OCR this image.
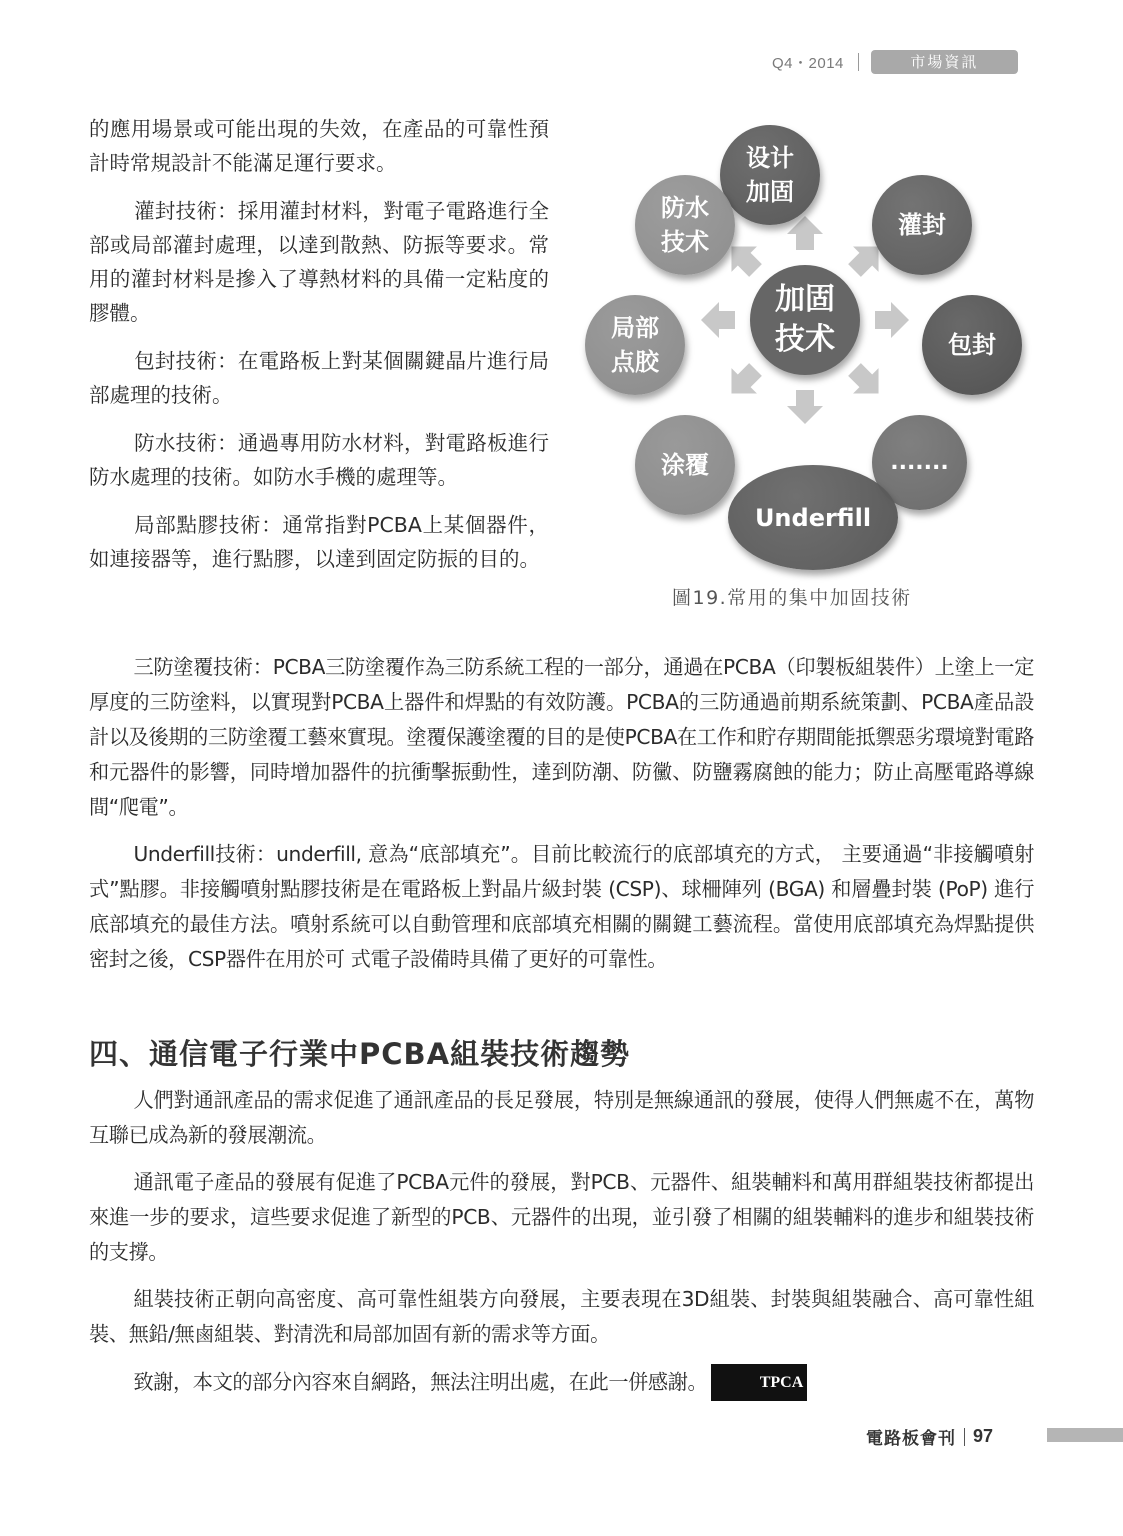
Q4・2014	市場資訊

的應用場景或可能出現的失效，在產品的可靠性預計時常規設計不能滿足運行要求。

灌封技術：採用灌封材料，對電子電路進行全部或局部灌封處理，以達到散熱、防振等要求。常用的灌封材料是摻入了導熱材料的具備一定粘度的膠體。

包封技術：在電路板上對某個關鍵晶片進行局部處理的技術。

防水技術：通過專用防水材料，對電路板進行防水處理的技術。如防水手機的處理等。

局部點膠技術：通常指對PCBA上某個器件，如連接器等，進行點膠，以達到固定防振的目的。

加固
技术
设计
加固
灌封
包封
.......
Underfill
涂覆
局部
点胶
防水
技术
圖19.常用的集中加固技術

三防塗覆技術：PCBA三防塗覆作為三防系統工程的一部分，通過在PCBA（印製板組裝件）上塗上一定厚度的三防塗料，以實現對PCBA上器件和焊點的有效防護。PCBA的三防通過前期系統策劃、PCBA產品設計以及後期的三防塗覆工藝來實現。塗覆保護塗覆的目的是使PCBA在工作和貯存期間能抵禦惡劣環境對電路和元器件的影響，同時增加器件的抗衝擊振動性，達到防潮、防黴、防鹽霧腐蝕的能力；防止高壓電路導線間“爬電”。

Underfill技術：underfill, 意為“底部填充”。目前比較流行的底部填充的方式， 主要通過“非接觸噴射式”點膠。非接觸噴射點膠技術是在電路板上對晶片級封裝 (CSP)、球柵陣列 (BGA) 和層疊封裝 (PoP) 進行底部填充的最佳方法。噴射系統可以自動管理和底部填充相關的關鍵工藝流程。當使用底部填充為焊點提供密封之後，CSP器件在用於可 式電子設備時具備了更好的可靠性。

四、通信電子行業中PCBA組裝技術趨勢

人們對通訊產品的需求促進了通訊產品的長足發展，特別是無線通訊的發展，使得人們無處不在，萬物互聯已成為新的發展潮流。

通訊電子產品的發展有促進了PCBA元件的發展，對PCB、元器件、組裝輔料和萬用群組裝技術都提出來進一步的要求，這些要求促進了新型的PCB、元器件的出現，並引發了相關的組裝輔料的進步和組裝技術的支撐。

組裝技術正朝向高密度、高可靠性組裝方向發展，主要表現在3D組裝、封裝與組裝融合、高可靠性組裝、無鉛/無鹵組裝、對清洗和局部加固有新的需求等方面。

致謝，本文的部分內容來自網路，無法注明出處，在此一併感謝。	TPCA

電路板會刊 97
